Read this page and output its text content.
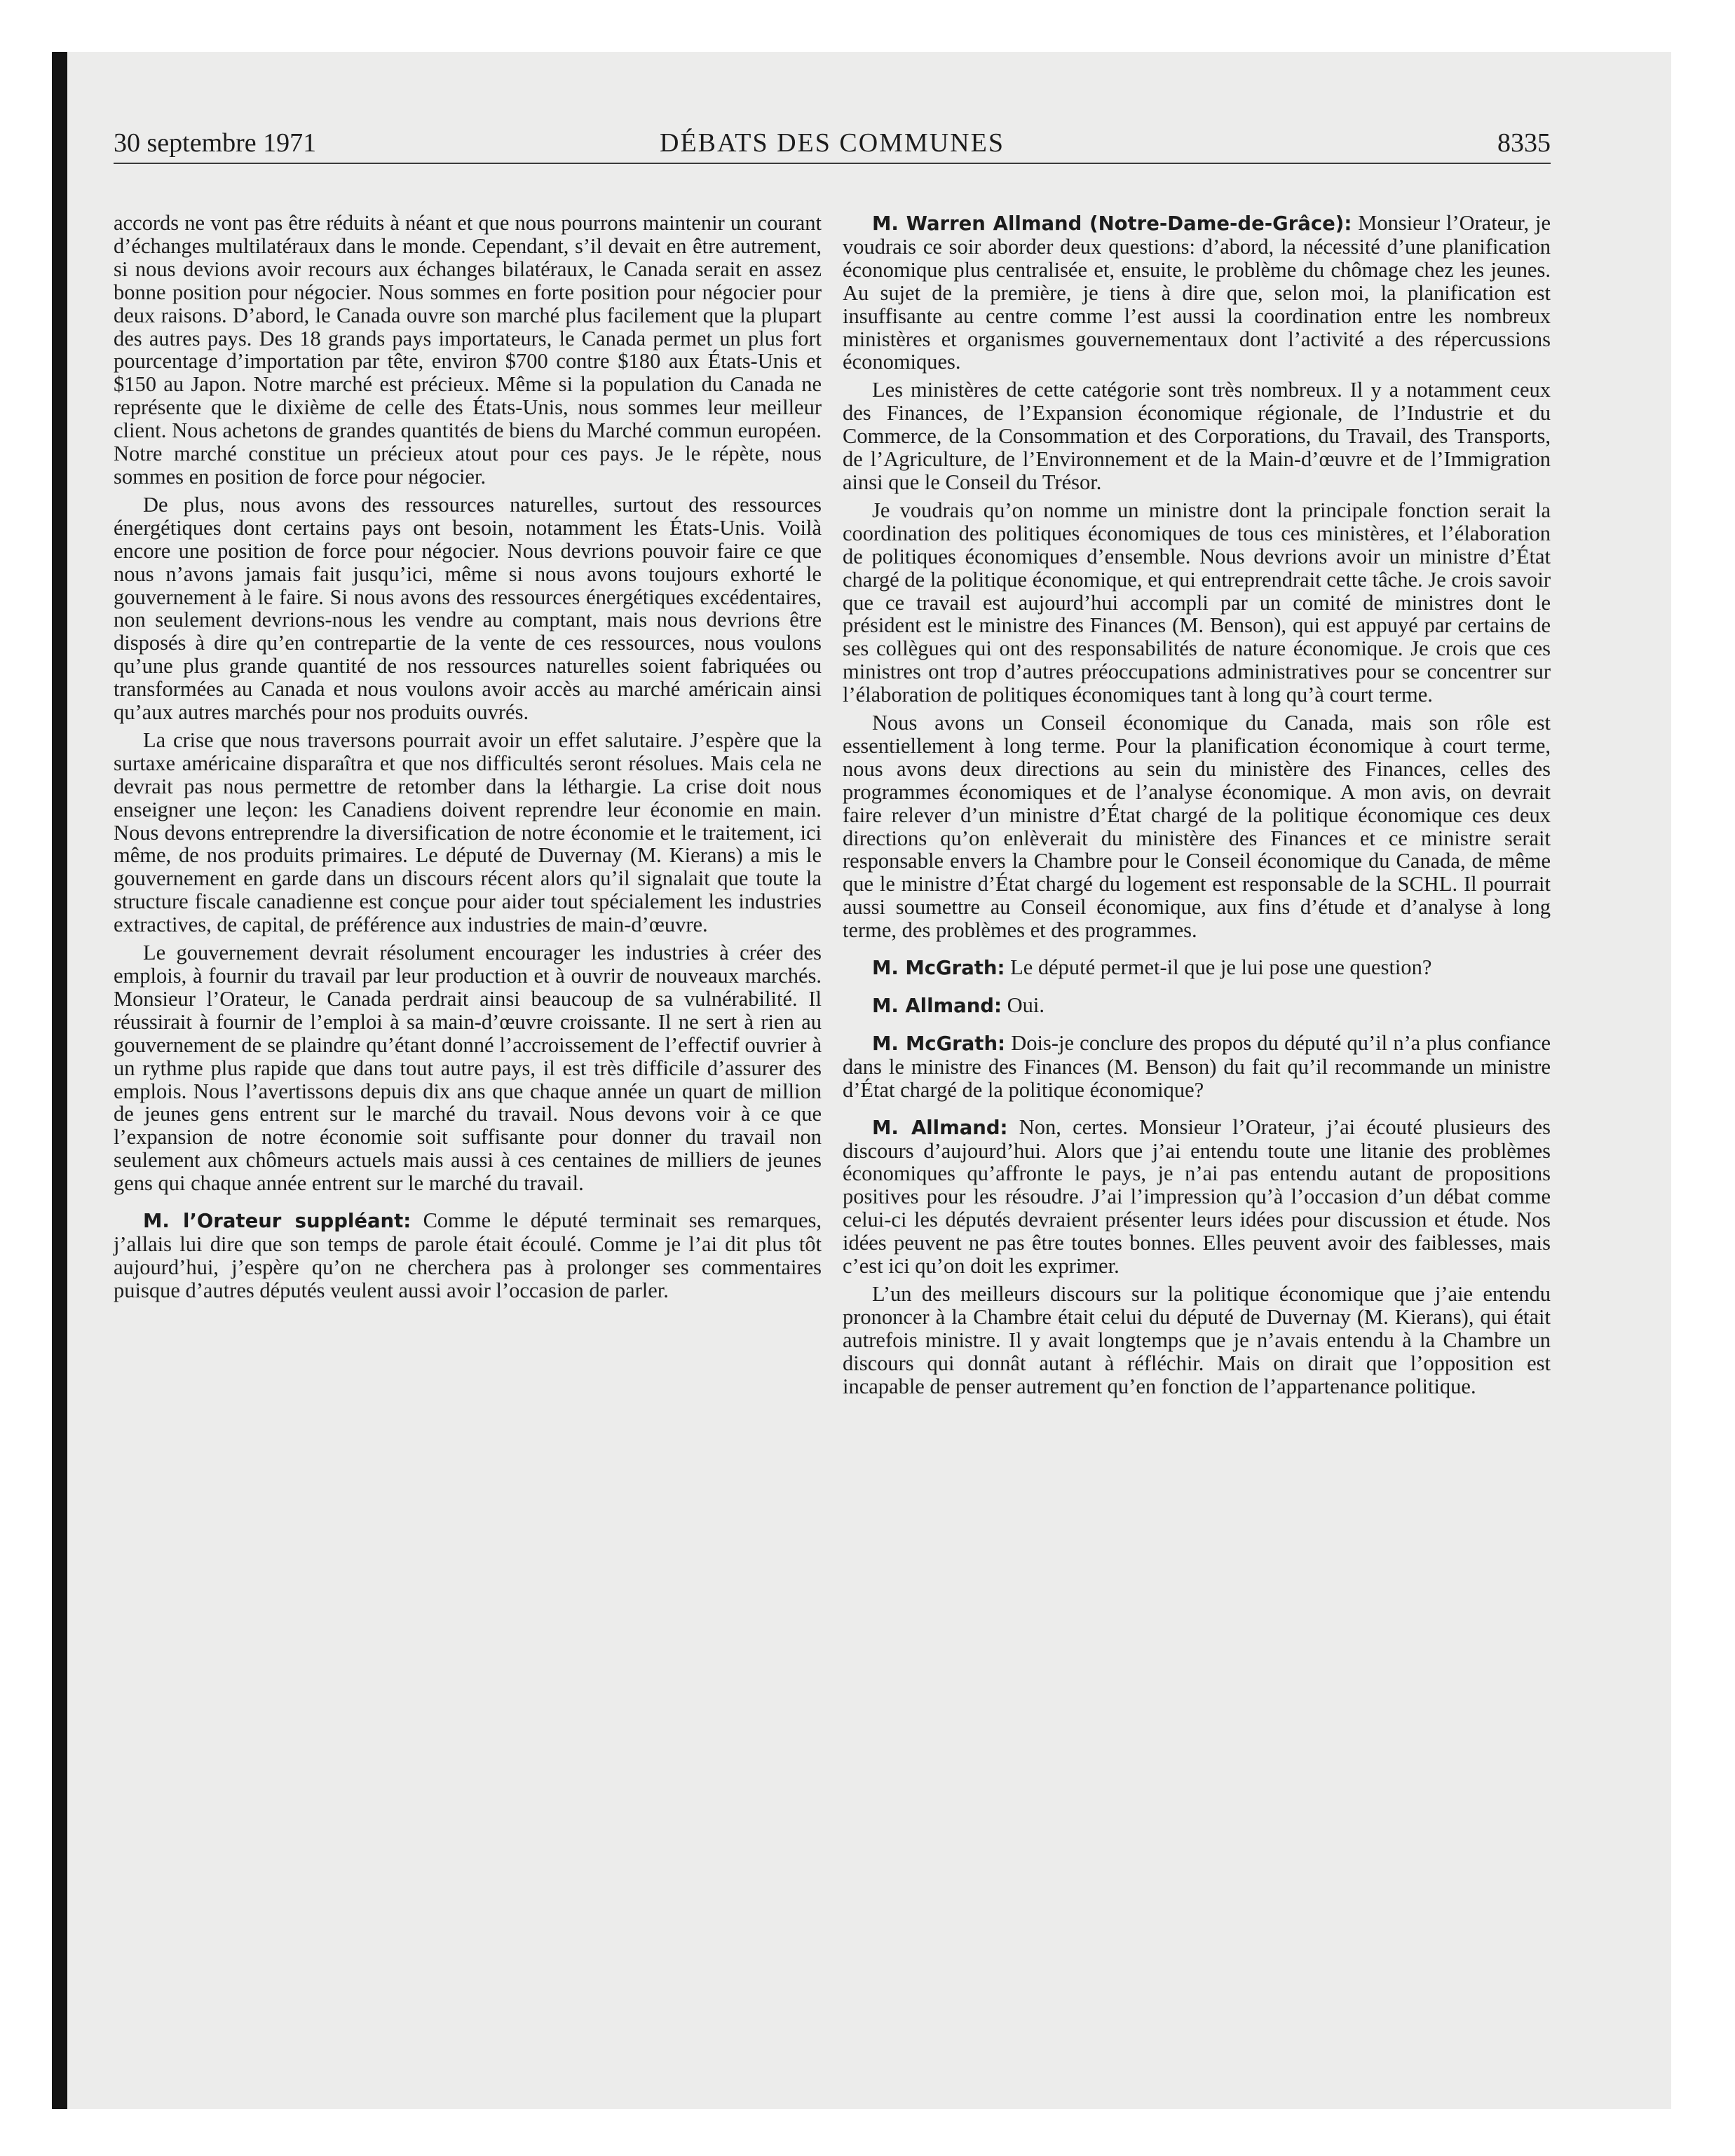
DÉBATS DES COMMUNES
30 septembre 1971	8335

accords ne vont pas être réduits à néant et que nous pourrons maintenir un courant d’échanges multilatéraux dans le monde. Cependant, s’il devait en être autrement, si nous devions avoir recours aux échanges bilatéraux, le Canada serait en assez bonne position pour négocier. Nous sommes en forte position pour négocier pour deux raisons. D’abord, le Canada ouvre son marché plus facilement que la plupart des autres pays. Des 18 grands pays importateurs, le Canada permet un plus fort pourcentage d’importation par tête, environ $700 contre $180 aux États-Unis et $150 au Japon. Notre marché est précieux. Même si la population du Canada ne représente que le dixième de celle des États-Unis, nous sommes leur meilleur client. Nous achetons de grandes quantités de biens du Marché commun européen. Notre marché constitue un précieux atout pour ces pays. Je le répète, nous sommes en position de force pour négocier.

De plus, nous avons des ressources naturelles, surtout des ressources énergétiques dont certains pays ont besoin, notamment les États-Unis. Voilà encore une position de force pour négocier. Nous devrions pouvoir faire ce que nous n’avons jamais fait jusqu’ici, même si nous avons toujours exhorté le gouvernement à le faire. Si nous avons des ressources énergétiques excédentaires, non seulement devrions-nous les vendre au comptant, mais nous devrions être disposés à dire qu’en contrepartie de la vente de ces ressources, nous voulons qu’une plus grande quantité de nos ressources naturelles soient fabriquées ou transformées au Canada et nous voulons avoir accès au marché américain ainsi qu’aux autres marchés pour nos produits ouvrés.

La crise que nous traversons pourrait avoir un effet salutaire. J’espère que la surtaxe américaine disparaîtra et que nos difficultés seront résolues. Mais cela ne devrait pas nous permettre de retomber dans la léthargie. La crise doit nous enseigner une leçon: les Canadiens doivent reprendre leur économie en main. Nous devons entreprendre la diversification de notre économie et le traitement, ici même, de nos produits primaires. Le député de Duvernay (M. Kierans) a mis le gouvernement en garde dans un discours récent alors qu’il signalait que toute la structure fiscale canadienne est conçue pour aider tout spécialement les industries extractives, de capital, de préférence aux industries de main-d’œuvre.

Le gouvernement devrait résolument encourager les industries à créer des emplois, à fournir du travail par leur production et à ouvrir de nouveaux marchés. Monsieur l’Orateur, le Canada perdrait ainsi beaucoup de sa vulnérabilité. Il réussirait à fournir de l’emploi à sa main-d’œuvre croissante. Il ne sert à rien au gouvernement de se plaindre qu’étant donné l’accroissement de l’effectif ouvrier à un rythme plus rapide que dans tout autre pays, il est très difficile d’assurer des emplois. Nous l’avertissons depuis dix ans que chaque année un quart de million de jeunes gens entrent sur le marché du travail. Nous devons voir à ce que l’expansion de notre économie soit suffisante pour donner du travail non seulement aux chômeurs actuels mais aussi à ces centaines de milliers de jeunes gens qui chaque année entrent sur le marché du travail.

M. l’Orateur suppléant: Comme le député terminait ses remarques, j’allais lui dire que son temps de parole était écoulé. Comme je l’ai dit plus tôt aujourd’hui, j’espère qu’on ne cherchera pas à prolonger ses commentaires puisque d’autres députés veulent aussi avoir l’occasion de parler.

M. Warren Allmand (Notre-Dame-de-Grâce): Monsieur l’Orateur, je voudrais ce soir aborder deux questions: d’abord, la nécessité d’une planification économique plus centralisée et, ensuite, le problème du chômage chez les jeunes. Au sujet de la première, je tiens à dire que, selon moi, la planification est insuffisante au centre comme l’est aussi la coordination entre les nombreux ministères et organismes gouvernementaux dont l’activité a des répercussions économiques.

Les ministères de cette catégorie sont très nombreux. Il y a notamment ceux des Finances, de l’Expansion économique régionale, de l’Industrie et du Commerce, de la Consommation et des Corporations, du Travail, des Transports, de l’Agriculture, de l’Environnement et de la Main-d’œuvre et de l’Immigration ainsi que le Conseil du Trésor.

Je voudrais qu’on nomme un ministre dont la principale fonction serait la coordination des politiques économiques de tous ces ministères, et l’élaboration de politiques économiques d’ensemble. Nous devrions avoir un ministre d’État chargé de la politique économique, et qui entreprendrait cette tâche. Je crois savoir que ce travail est aujourd’hui accompli par un comité de ministres dont le président est le ministre des Finances (M. Benson), qui est appuyé par certains de ses collègues qui ont des responsabilités de nature économique. Je crois que ces ministres ont trop d’autres préoccupations administratives pour se concentrer sur l’élaboration de politiques économiques tant à long qu’à court terme.

Nous avons un Conseil économique du Canada, mais son rôle est essentiellement à long terme. Pour la planification économique à court terme, nous avons deux directions au sein du ministère des Finances, celles des programmes économiques et de l’analyse économique. A mon avis, on devrait faire relever d’un ministre d’État chargé de la politique économique ces deux directions qu’on enlèverait du ministère des Finances et ce ministre serait responsable envers la Chambre pour le Conseil économique du Canada, de même que le ministre d’État chargé du logement est responsable de la SCHL. Il pourrait aussi soumettre au Conseil économique, aux fins d’étude et d’analyse à long terme, des problèmes et des programmes.

M. McGrath: Le député permet-il que je lui pose une question?

M. Allmand: Oui.

M. McGrath: Dois-je conclure des propos du député qu’il n’a plus confiance dans le ministre des Finances (M. Benson) du fait qu’il recommande un ministre d’État chargé de la politique économique?

M. Allmand: Non, certes. Monsieur l’Orateur, j’ai écouté plusieurs des discours d’aujourd’hui. Alors que j’ai entendu toute une litanie des problèmes économiques qu’affronte le pays, je n’ai pas entendu autant de propositions positives pour les résoudre. J’ai l’impression qu’à l’occasion d’un débat comme celui-ci les députés devraient présenter leurs idées pour discussion et étude. Nos idées peuvent ne pas être toutes bonnes. Elles peuvent avoir des faiblesses, mais c’est ici qu’on doit les exprimer.

L’un des meilleurs discours sur la politique économique que j’aie entendu prononcer à la Chambre était celui du député de Duvernay (M. Kierans), qui était autrefois ministre. Il y avait longtemps que je n’avais entendu à la Chambre un discours qui donnât autant à réfléchir. Mais on dirait que l’opposition est incapable de penser autrement qu’en fonction de l’appartenance politique.
